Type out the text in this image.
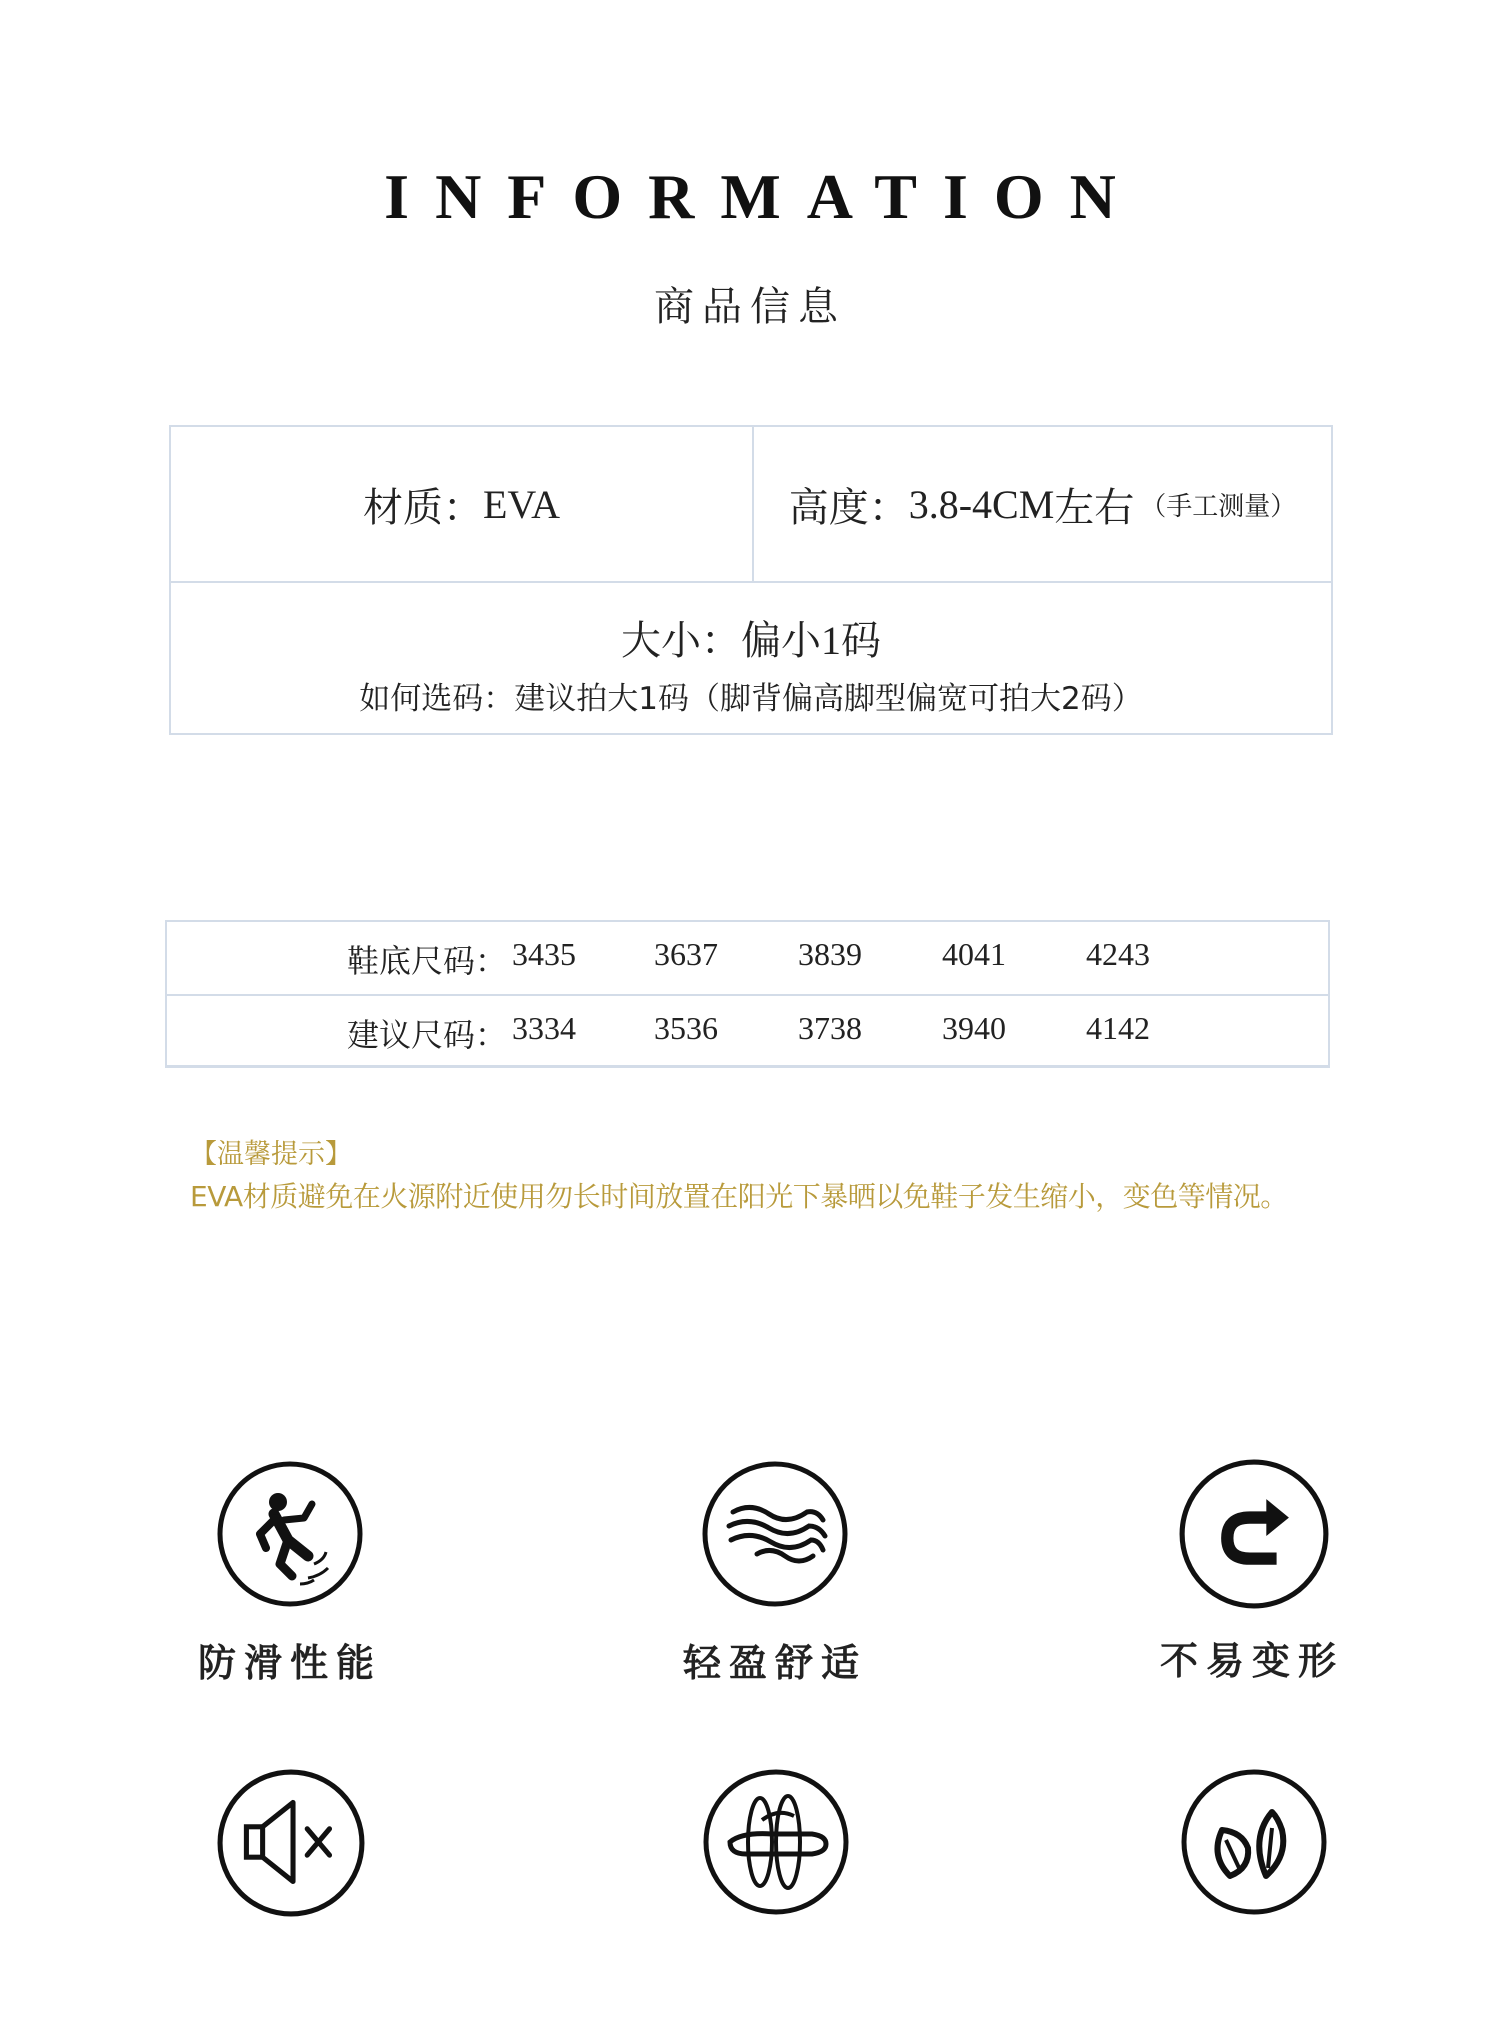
INFORMATION
商品信息
材质： EVA	高度： 3.8-4CM 左右 （手工测量）
大小：偏小1码
如何选码：建议拍大1码（脚背偏高脚型偏宽可拍大2码）
鞋底尺码： 3435 3637	3839	4041	4243
建议尺码： 3334 3536	3738	3940	4142
【温馨提示】
EVA材质避免在火源附近使用勿长时间放置在阳光下暴晒以免鞋子发生缩小，变色等情况。
防滑性能	轻盈舒适	不易变形
